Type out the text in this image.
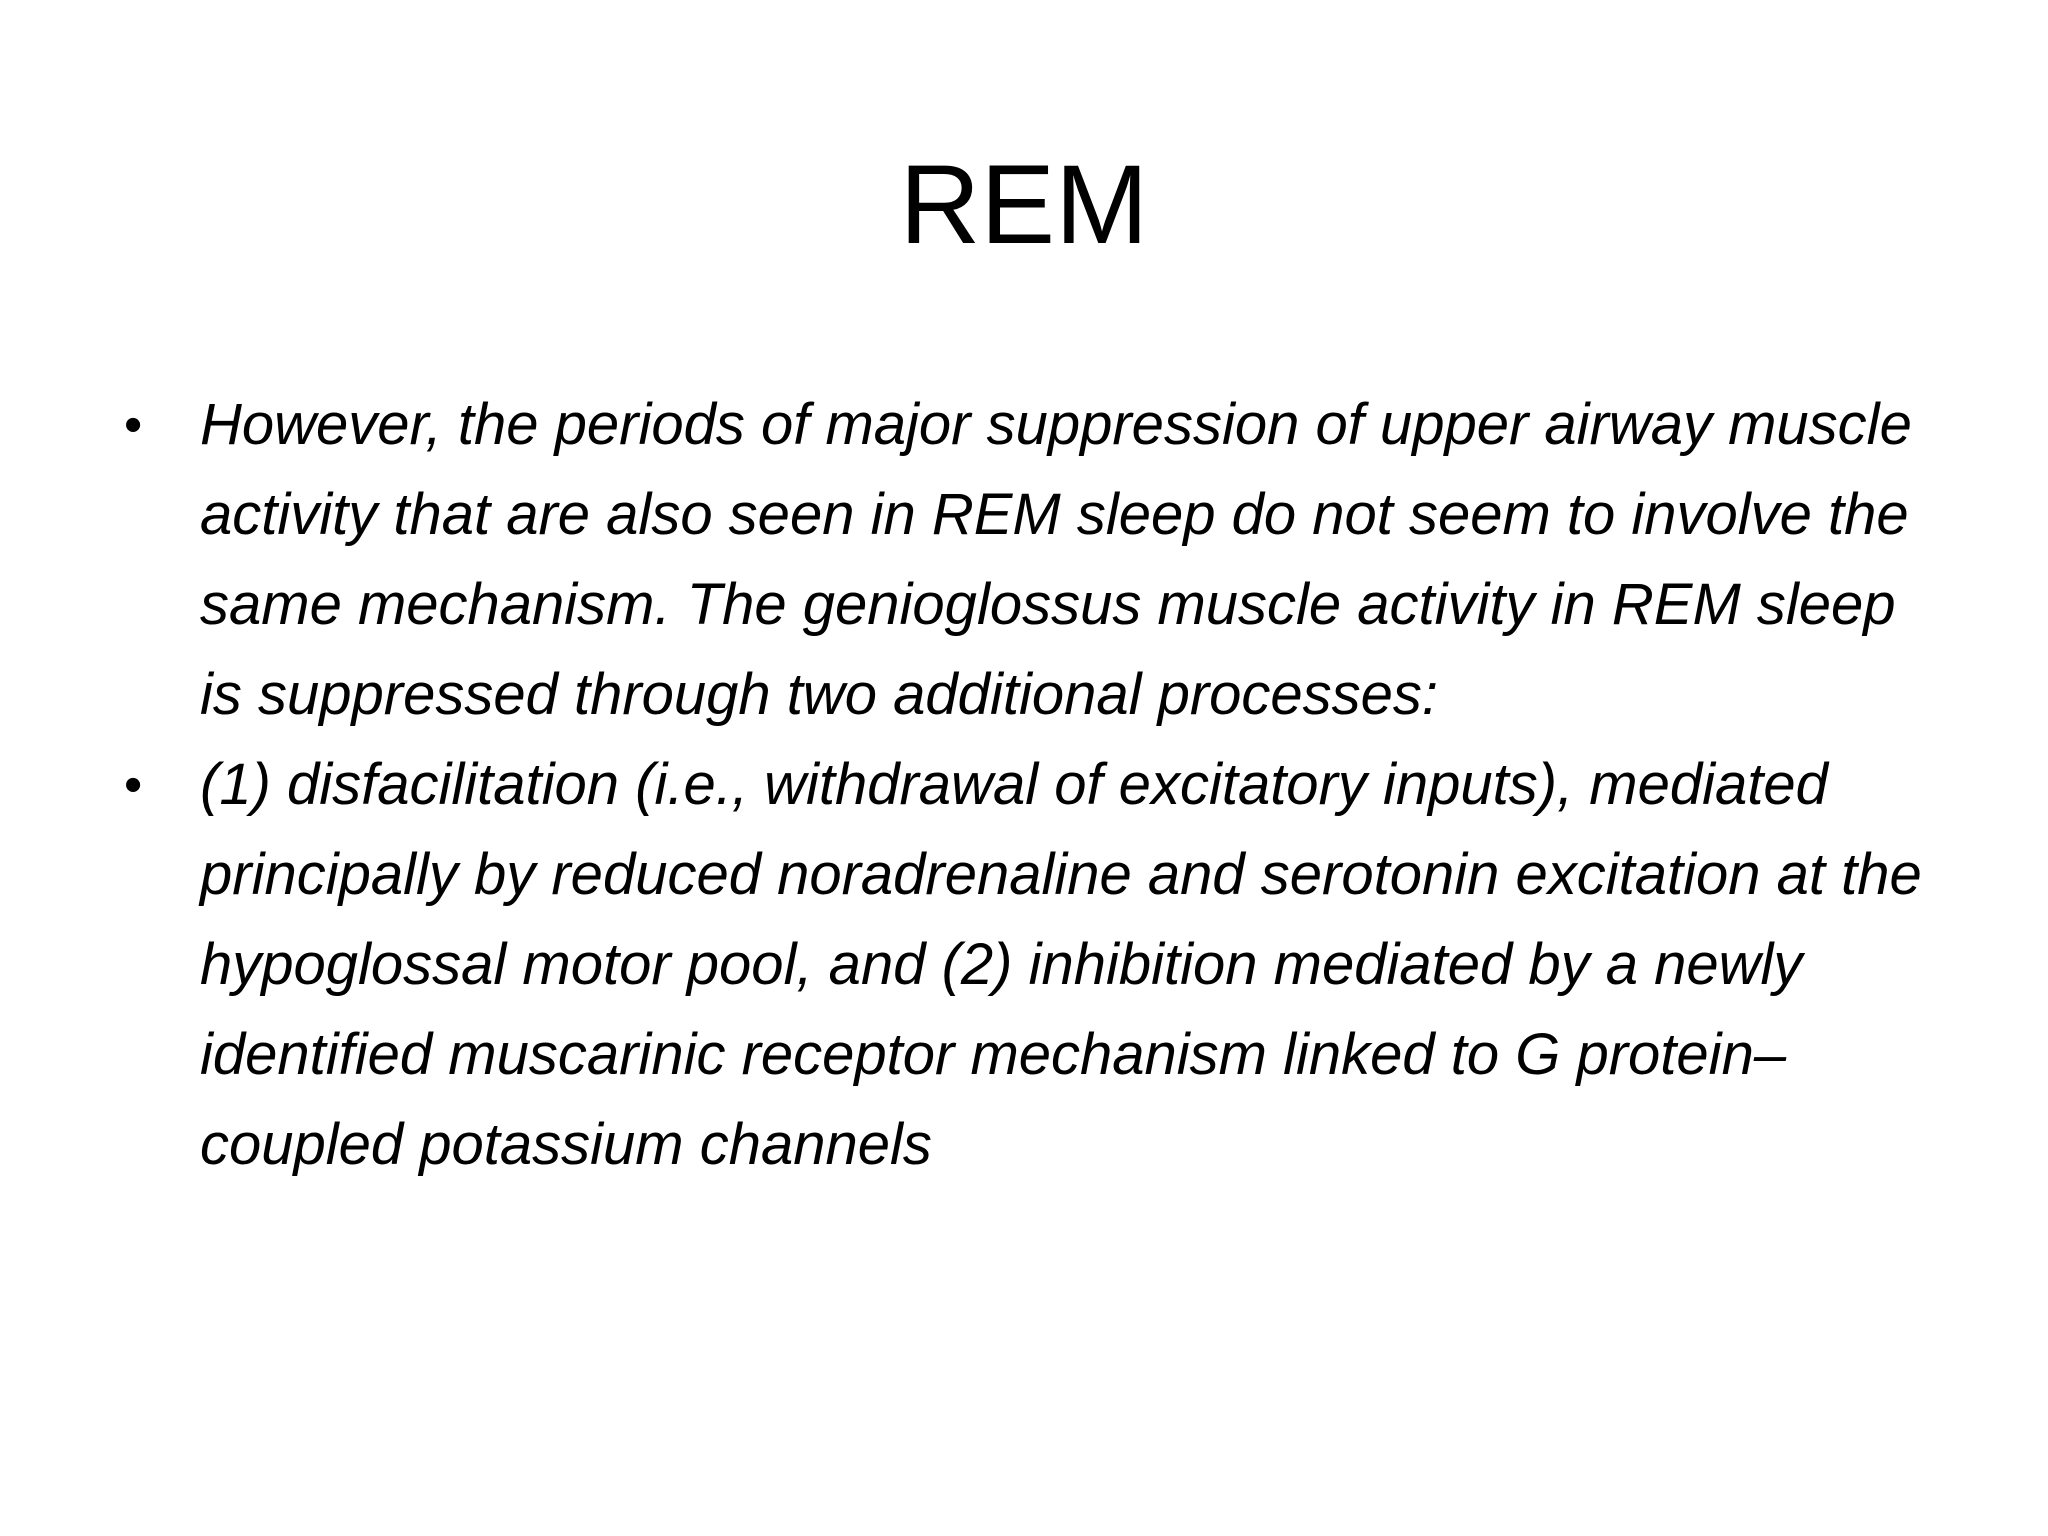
REM
• However, the periods of major suppression of upper airway muscle activity that are also seen in REM sleep do not seem to involve the same mechanism. The genioglossus muscle activity in REM sleep is suppressed through two additional processes:
• (1) disfacilitation (i.e., withdrawal of excitatory inputs), mediated principally by reduced noradrenaline and serotonin excitation at the hypoglossal motor pool, and (2) inhibition mediated by a newly identified muscarinic receptor mechanism linked to G protein–coupled potassium channels
